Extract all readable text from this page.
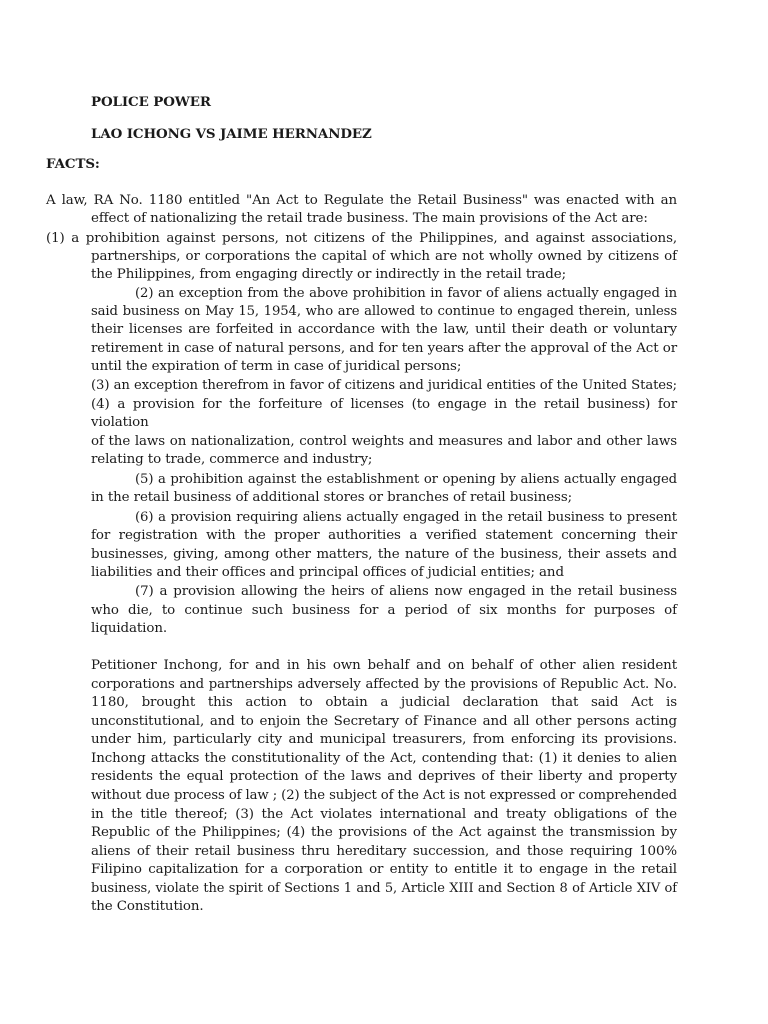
POLICE POWER
LAO ICHONG VS JAIME HERNANDEZ
FACTS:
A law, RA No. 1180 entitled "An Act to Regulate the Retail Business" was enacted with an
effect of nationalizing the retail trade business. The main provisions of the Act are:
(1) a prohibition against persons, not citizens of the Philippines, and against associations,
partnerships, or corporations the capital of which are not wholly owned by citizens of
the Philippines, from engaging directly or indirectly in the retail trade;
(2) an exception from the above prohibition in favor of aliens actually engaged in
said business on May 15, 1954, who are allowed to continue to engaged therein, unless
their licenses are forfeited in accordance with the law, until their death or voluntary
retirement in case of natural persons, and for ten years after the approval of the Act or
until the expiration of term in case of juridical persons;
(3) an exception therefrom in favor of citizens and juridical entities of the United States;
(4) a provision for the forfeiture of licenses (to engage in the retail business) for
violation
of the laws on nationalization, control weights and measures and labor and other laws
relating to trade, commerce and industry;
(5) a prohibition against the establishment or opening by aliens actually engaged
in the retail business of additional stores or branches of retail business;
(6) a provision requiring aliens actually engaged in the retail business to present
for registration with the proper authorities a verified statement concerning their
businesses, giving, among other matters, the nature of the business, their assets and
liabilities and their offices and principal offices of judicial entities; and
(7) a provision allowing the heirs of aliens now engaged in the retail business
who die, to continue such business for a period of six months for purposes of
liquidation.
Petitioner Inchong, for and in his own behalf and on behalf of other alien resident
corporations and partnerships adversely affected by the provisions of Republic Act. No.
1180, brought this action to obtain a judicial declaration that said Act is
unconstitutional, and to enjoin the Secretary of Finance and all other persons acting
under him, particularly city and municipal treasurers, from enforcing its provisions.
Inchong attacks the constitutionality of the Act, contending that: (1) it denies to alien
residents the equal protection of the laws and deprives of their liberty and property
without due process of law ; (2) the subject of the Act is not expressed or comprehended
in the title thereof; (3) the Act violates international and treaty obligations of the
Republic of the Philippines; (4) the provisions of the Act against the transmission by
aliens of their retail business thru hereditary succession, and those requiring 100%
Filipino capitalization for a corporation or entity to entitle it to engage in the retail
business, violate the spirit of Sections 1 and 5, Article XIII and Section 8 of Article XIV of
the Constitution.
